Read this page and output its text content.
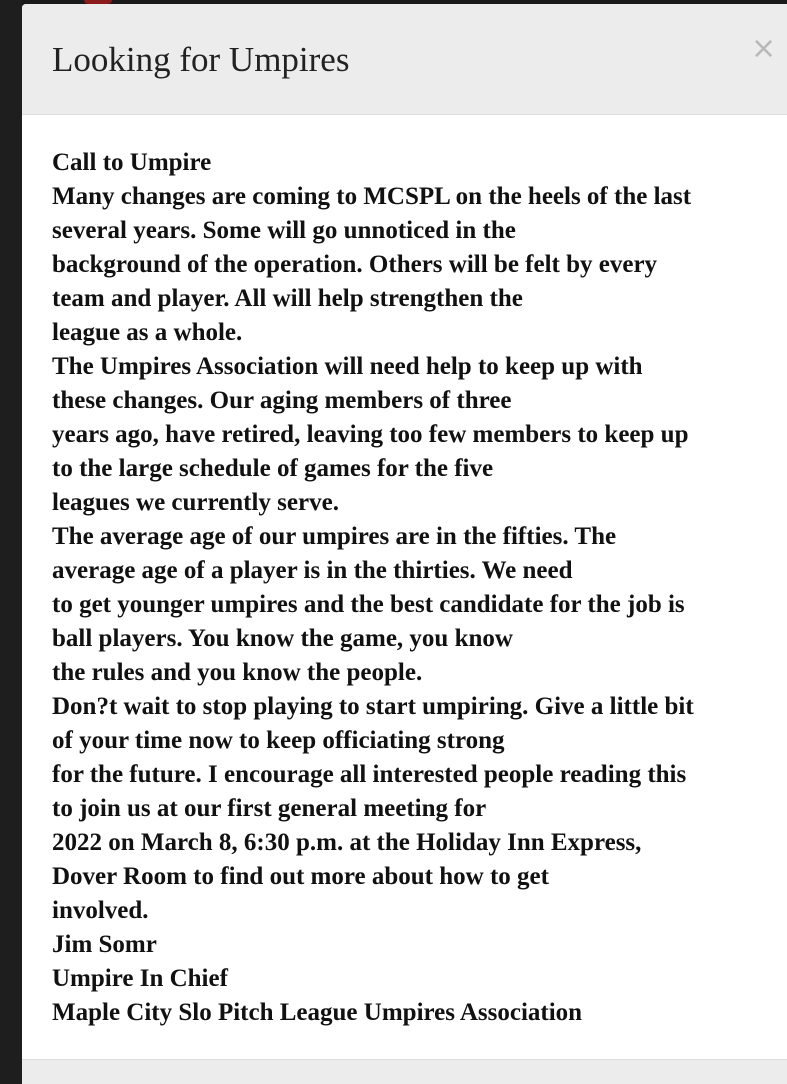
Looking for Umpires	×
Call to Umpire
Many changes are coming to MCSPL on the heels of the last
several years. Some will go unnoticed in the
background of the operation. Others will be felt by every
team and player. All will help strengthen the
league as a whole.
The Umpires Association will need help to keep up with
these changes. Our aging members of three
years ago, have retired, leaving too few members to keep up
to the large schedule of games for the five
leagues we currently serve.
The average age of our umpires are in the fifties. The
average age of a player is in the thirties. We need
to get younger umpires and the best candidate for the job is
ball players. You know the game, you know
the rules and you know the people.
Don?t wait to stop playing to start umpiring. Give a little bit
of your time now to keep officiating strong
for the future. I encourage all interested people reading this
to join us at our first general meeting for
2022 on March 8, 6:30 p.m. at the Holiday Inn Express,
Dover Room to find out more about how to get
involved.
Jim Somr
Umpire In Chief
Maple City Slo Pitch League Umpires Association
